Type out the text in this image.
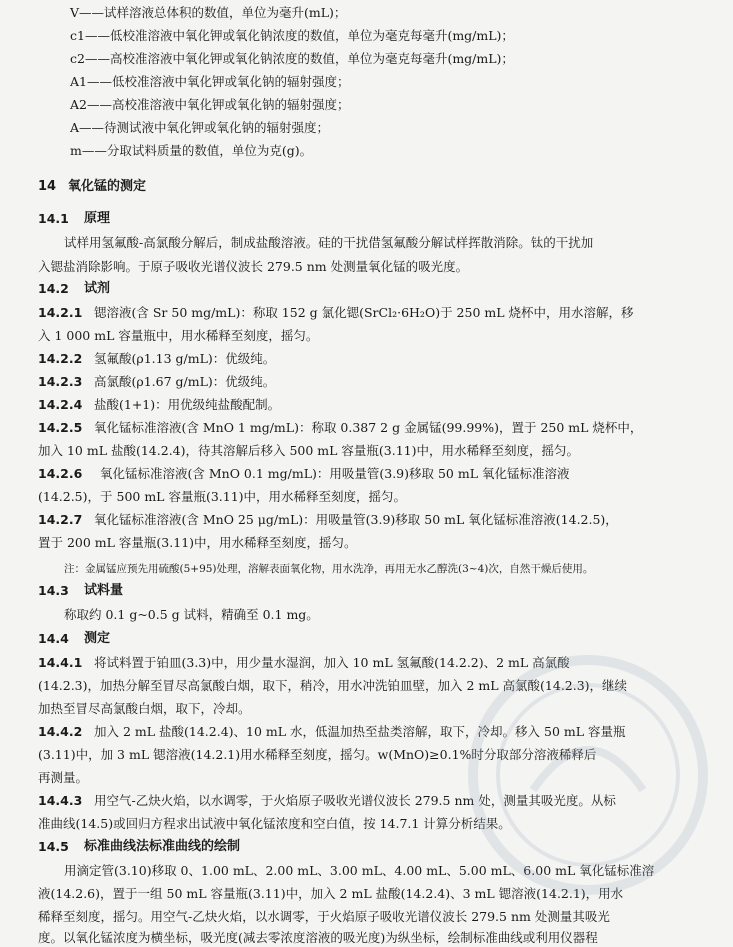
V——试样溶液总体积的数值，单位为毫升(mL)；
c1——低校准溶液中氧化钾或氧化钠浓度的数值，单位为毫克每毫升(mg/mL)；
c2——高校准溶液中氧化钾或氧化钠浓度的数值，单位为毫克每毫升(mg/mL)；
A1——低校准溶液中氧化钾或氧化钠的辐射强度；
A2——高校准溶液中氧化钾或氧化钠的辐射强度；
A——待测试液中氧化钾或氧化钠的辐射强度；
m——分取试料质量的数值，单位为克(g)。
14 氧化锰的测定
14.1 原理
试样用氢氟酸-高氯酸分解后，制成盐酸溶液。硅的干扰借氢氟酸分解试样挥散消除。钛的干扰加
入锶盐消除影响。于原子吸收光谱仪波长 279.5 nm 处测量氧化锰的吸光度。
14.2 试剂
14.2.1 锶溶液(含 Sr 50 mg/mL)：称取 152 g 氯化锶(SrCl₂·6H₂O)于 250 mL 烧杯中，用水溶解，移
入 1 000 mL 容量瓶中，用水稀释至刻度，摇匀。
14.2.2 氢氟酸(ρ1.13 g/mL)：优级纯。
14.2.3 高氯酸(ρ1.67 g/mL)：优级纯。
14.2.4 盐酸(1+1)：用优级纯盐酸配制。
14.2.5 氧化锰标准溶液(含 MnO 1 mg/mL)：称取 0.387 2 g 金属锰(99.99%)，置于 250 mL 烧杯中，
加入 10 mL 盐酸(14.2.4)，待其溶解后移入 500 mL 容量瓶(3.11)中，用水稀释至刻度，摇匀。
14.2.6 氧化锰标准溶液(含 MnO 0.1 mg/mL)：用吸量管(3.9)移取 50 mL 氧化锰标准溶液
(14.2.5)，于 500 mL 容量瓶(3.11)中，用水稀释至刻度，摇匀。
14.2.7 氧化锰标准溶液(含 MnO 25 μg/mL)：用吸量管(3.9)移取 50 mL 氧化锰标准溶液(14.2.5)，
置于 200 mL 容量瓶(3.11)中，用水稀释至刻度，摇匀。
注：金属锰应预先用硫酸(5+95)处理，溶解表面氧化物，用水洗净，再用无水乙醇洗(3~4)次，自然干燥后使用。
14.3 试料量
称取约 0.1 g~0.5 g 试料，精确至 0.1 mg。
14.4 测定
14.4.1 将试料置于铂皿(3.3)中，用少量水湿润，加入 10 mL 氢氟酸(14.2.2)、2 mL 高氯酸
(14.2.3)，加热分解至冒尽高氯酸白烟，取下，稍冷，用水冲洗铂皿壁，加入 2 mL 高氯酸(14.2.3)，继续
加热至冒尽高氯酸白烟，取下，冷却。
14.4.2 加入 2 mL 盐酸(14.2.4)、10 mL 水，低温加热至盐类溶解，取下，冷却。移入 50 mL 容量瓶
(3.11)中，加 3 mL 锶溶液(14.2.1)用水稀释至刻度，摇匀。w(MnO)≥0.1%时分取部分溶液稀释后
再测量。
14.4.3 用空气-乙炔火焰，以水调零，于火焰原子吸收光谱仪波长 279.5 nm 处，测量其吸光度。从标
准曲线(14.5)或回归方程求出试液中氧化锰浓度和空白值，按 14.7.1 计算分析结果。
14.5 标准曲线法标准曲线的绘制
用滴定管(3.10)移取 0、1.00 mL、2.00 mL、3.00 mL、4.00 mL、5.00 mL、6.00 mL 氧化锰标准溶
液(14.2.6)，置于一组 50 mL 容量瓶(3.11)中，加入 2 mL 盐酸(14.2.4)、3 mL 锶溶液(14.2.1)，用水
稀释至刻度，摇匀。用空气-乙炔火焰，以水调零，于火焰原子吸收光谱仪波长 279.5 nm 处测量其吸光
度。以氧化锰浓度为横坐标，吸光度(减去零浓度溶液的吸光度)为纵坐标，绘制标准曲线或利用仪器程
